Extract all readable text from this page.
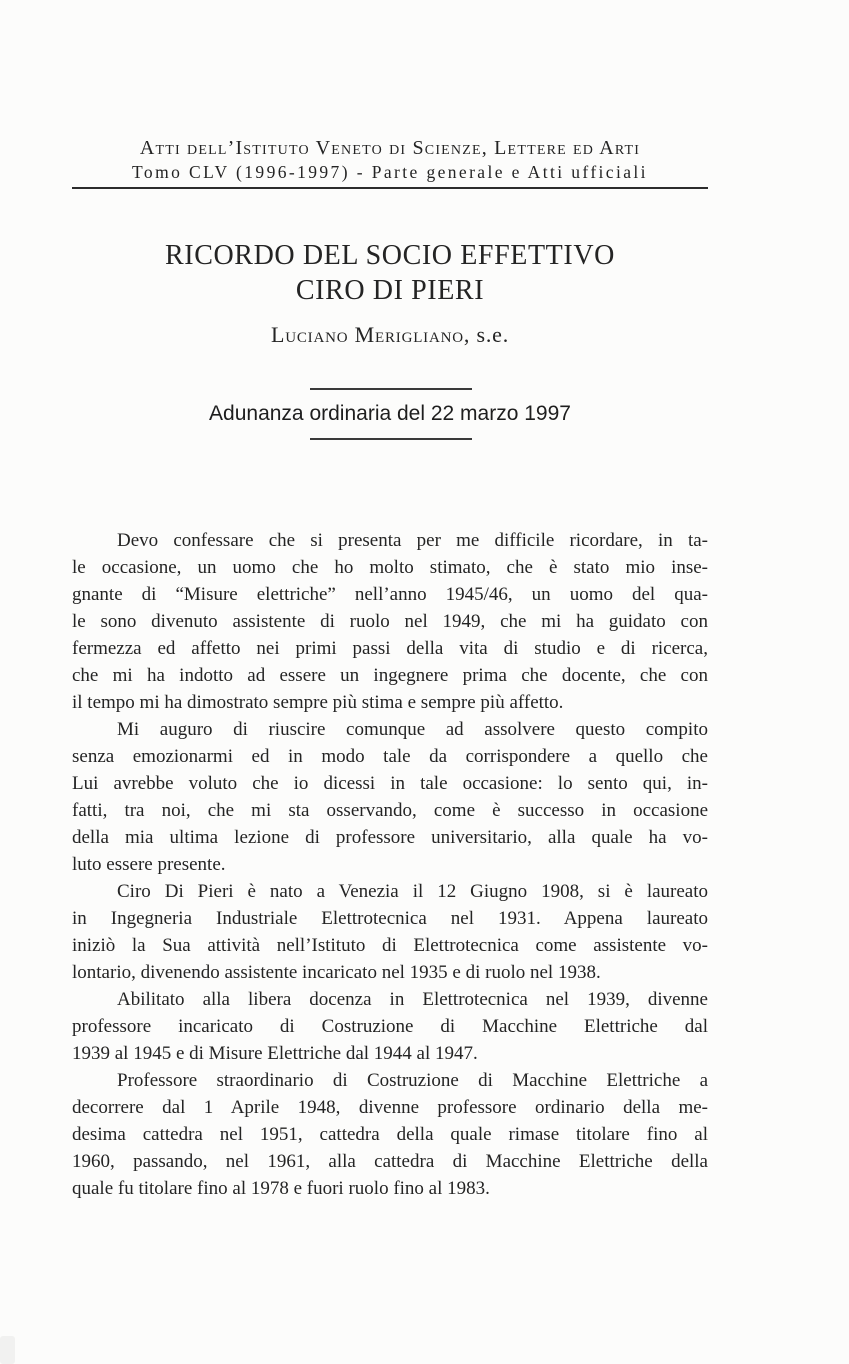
Atti dell’Istituto Veneto di Scienze, Lettere ed Arti
Tomo CLV (1996-1997) - Parte generale e Atti ufficiali
RICORDO DEL SOCIO EFFETTIVO
CIRO DI PIERI
Luciano Merigliano, s.e.
Adunanza ordinaria del 22 marzo 1997
Devo confessare che si presenta per me difficile ricordare, in ta-
le occasione, un uomo che ho molto stimato, che è stato mio inse-
gnante di “Misure elettriche” nell’anno 1945/46, un uomo del qua-
le sono divenuto assistente di ruolo nel 1949, che mi ha guidato con
fermezza ed affetto nei primi passi della vita di studio e di ricerca,
che mi ha indotto ad essere un ingegnere prima che docente, che con
il tempo mi ha dimostrato sempre più stima e sempre più affetto.
Mi auguro di riuscire comunque ad assolvere questo compito
senza emozionarmi ed in modo tale da corrispondere a quello che
Lui avrebbe voluto che io dicessi in tale occasione: lo sento qui, in-
fatti, tra noi, che mi sta osservando, come è successo in occasione
della mia ultima lezione di professore universitario, alla quale ha vo-
luto essere presente.
Ciro Di Pieri è nato a Venezia il 12 Giugno 1908, si è laureato
in Ingegneria Industriale Elettrotecnica nel 1931. Appena laureato
iniziò la Sua attività nell’Istituto di Elettrotecnica come assistente vo-
lontario, divenendo assistente incaricato nel 1935 e di ruolo nel 1938.
Abilitato alla libera docenza in Elettrotecnica nel 1939, divenne
professore incaricato di Costruzione di Macchine Elettriche dal
1939 al 1945 e di Misure Elettriche dal 1944 al 1947.
Professore straordinario di Costruzione di Macchine Elettriche a
decorrere dal 1 Aprile 1948, divenne professore ordinario della me-
desima cattedra nel 1951, cattedra della quale rimase titolare fino al
1960, passando, nel 1961, alla cattedra di Macchine Elettriche della
quale fu titolare fino al 1978 e fuori ruolo fino al 1983.
